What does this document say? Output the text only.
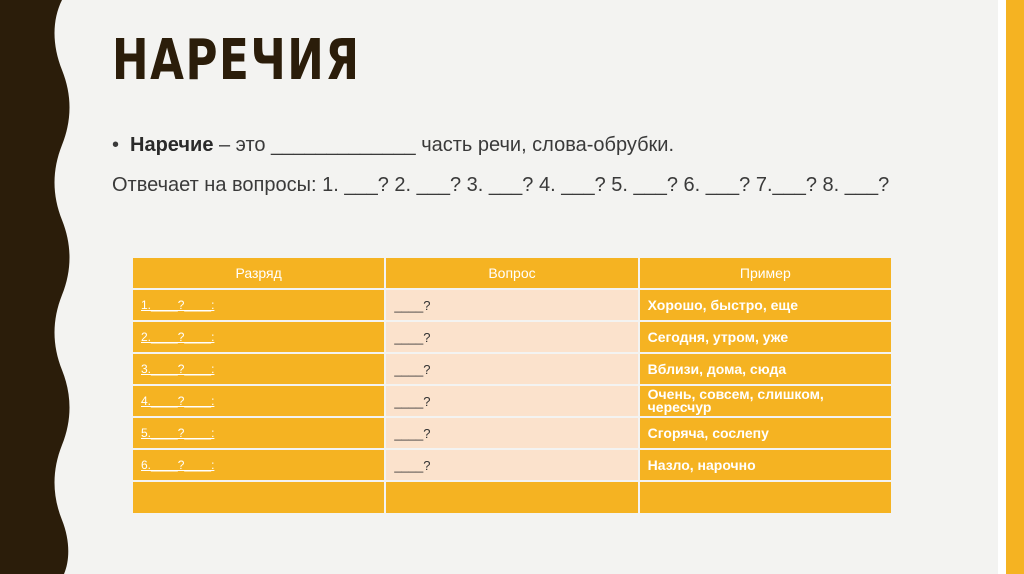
НАРЕЧИЯ
• Наречие – это _____________ часть речи, слова-обрубки.
Отвечает на вопросы: 1. ___? 2. ___? 3. ___? 4. ___? 5. ___? 6. ___? 7.___? 8. ___?
Разряд	Вопрос	Пример
1.____?____:	____?	Хорошо, быстро, еще
2.____?____:	____?	Сегодня, утром, уже
3.____?____:	____?	Вблизи, дома, сюда
4.____?____:	____?	Очень, совсем, слишком, чересчур
5.____?____:	____?	Сгоряча, сослепу
6.____?____:	____?	Назло, нарочно
